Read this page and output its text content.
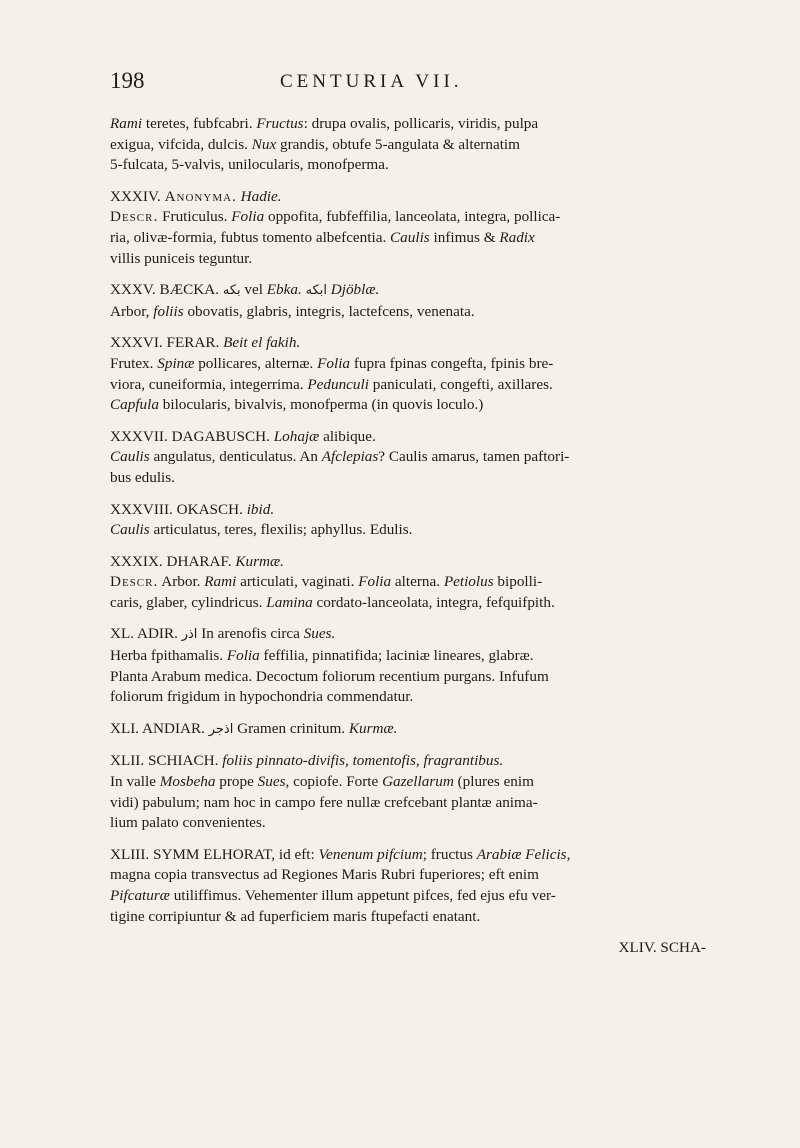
198	CENTURIA VII.

Rami teretes, fubfcabri. Fructus: drupa ovalis, pollicaris, viridis, pulpa

exigua, vifcida, dulcis. Nux grandis, obtufe 5-angulata & alternatim

5-fulcata, 5-valvis, unilocularis, monofperma.

XXXIV. Anonyma. Hadie.

Descr. Fruticulus. Folia oppofita, fubfeffilia, lanceolata, integra, pollica-

ria, olivæ-formia, fubtus tomento albefcentia. Caulis infimus & Radix

villis puniceis teguntur.

XXXV. BÆCKA. بكه vel Ebka. ابكه Djöblæ.

Arbor, foliis obovatis, glabris, integris, lactefcens, venenata.

XXXVI. FERAR. Beit el fakih.

Frutex. Spinæ pollicares, alternæ. Folia fupra fpinas congefta, fpinis bre-

viora, cuneiformia, integerrima. Pedunculi paniculati, congefti, axillares.

Capfula bilocularis, bivalvis, monofperma (in quovis loculo.)

XXXVII. DAGABUSCH. Lohajæ alibique.

Caulis angulatus, denticulatus. An Afclepias? Caulis amarus, tamen paftori-

bus edulis.

XXXVIII. OKASCH. ibid.

Caulis articulatus, teres, flexilis; aphyllus. Edulis.

XXXIX. DHARAF. Kurmæ.

Descr. Arbor. Rami articulati, vaginati. Folia alterna. Petiolus bipolli-

caris, glaber, cylindricus. Lamina cordato-lanceolata, integra, fefquifpith.

XL. ADIR. اذر In arenofis circa Sues.

Herba fpithamalis. Folia feffilia, pinnatifida; laciniæ lineares, glabræ.

Planta Arabum medica. Decoctum foliorum recentium purgans. Infufum

foliorum frigidum in hypochondria commendatur.

XLI. ANDIAR. اذجر Gramen crinitum. Kurmæ.

XLII. SCHIACH. foliis pinnato-divifis, tomentofis, fragrantibus.

In valle Mosbeha prope Sues, copiofe. Forte Gazellarum (plures enim

vidi) pabulum; nam hoc in campo fere nullæ crefcebant plantæ anima-

lium palato convenientes.

XLIII. SYMM ELHORAT, id eft: Venenum pifcium; fructus Arabiæ Felicis,

magna copia transvectus ad Regiones Maris Rubri fuperiores; eft enim

Pifcaturæ utiliffimus. Vehementer illum appetunt pifces, fed ejus efu ver-

tigine corripiuntur & ad fuperficiem maris ftupefacti enatant.

XLIV. SCHA-
